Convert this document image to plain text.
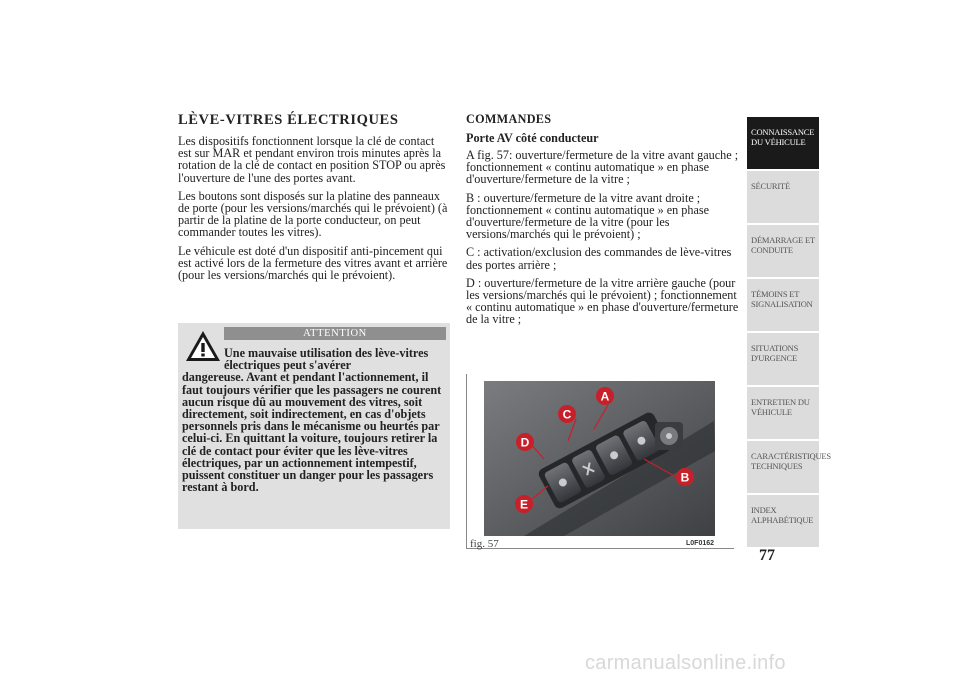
LÈVE-VITRES ÉLECTRIQUES

Les dispositifs fonctionnent lorsque la clé de contact est sur MAR et pendant environ trois minutes après la rotation de la clé de contact en position STOP ou après l'ouverture de l'une des portes avant.

Les boutons sont disposés sur la platine des panneaux de porte (pour les versions/marchés qui le prévoient) (à partir de la platine de la porte conducteur, on peut commander toutes les vitres).

Le véhicule est doté d'un dispositif anti-pincement qui est activé lors de la fermeture des vitres avant et arrière (pour les versions/marchés qui le prévoient).

ATTENTION
Une mauvaise utilisation des lève-vitres électriques peut s'avérer
dangereuse. Avant et pendant l'actionnement, il faut toujours vérifier que les passagers ne courent aucun risque dû au mouvement des vitres, soit directement, soit indirectement, en cas d'objets personnels pris dans le mécanisme ou heurtés par celui-ci. En quittant la voiture, toujours retirer la clé de contact pour éviter que les lève-vitres électriques, par un actionnement intempestif, puissent constituer un danger pour les passagers restant à bord.
COMMANDES
Porte AV côté conducteur

A fig. 57: ouverture/fermeture de la vitre avant gauche ; fonctionnement « continu automatique » en phase d'ouverture/fermeture de la vitre ;

B : ouverture/fermeture de la vitre avant droite ; fonctionnement « continu automatique » en phase d'ouverture/fermeture de la vitre (pour les versions/marchés qui le prévoient) ;

C : activation/exclusion des commandes de lève-vitres des portes arrière ;

D : ouverture/fermeture de la vitre arrière gauche (pour les versions/marchés qui le prévoient) ; fonctionnement « continu automatique » en phase d'ouverture/fermeture de la vitre ;

A
B
C
D
E
fig. 57	L0F0162
CONNAISSANCE DU VÉHICULE
SÉCURITÉ
DÉMARRAGE ET CONDUITE
TÉMOINS ET SIGNALISATION
SITUATIONS D'URGENCE
ENTRETIEN DU VÉHICULE
CARACTÉRISTIQUES TECHNIQUES
INDEX ALPHABÉTIQUE
77
carmanualsonline.info
